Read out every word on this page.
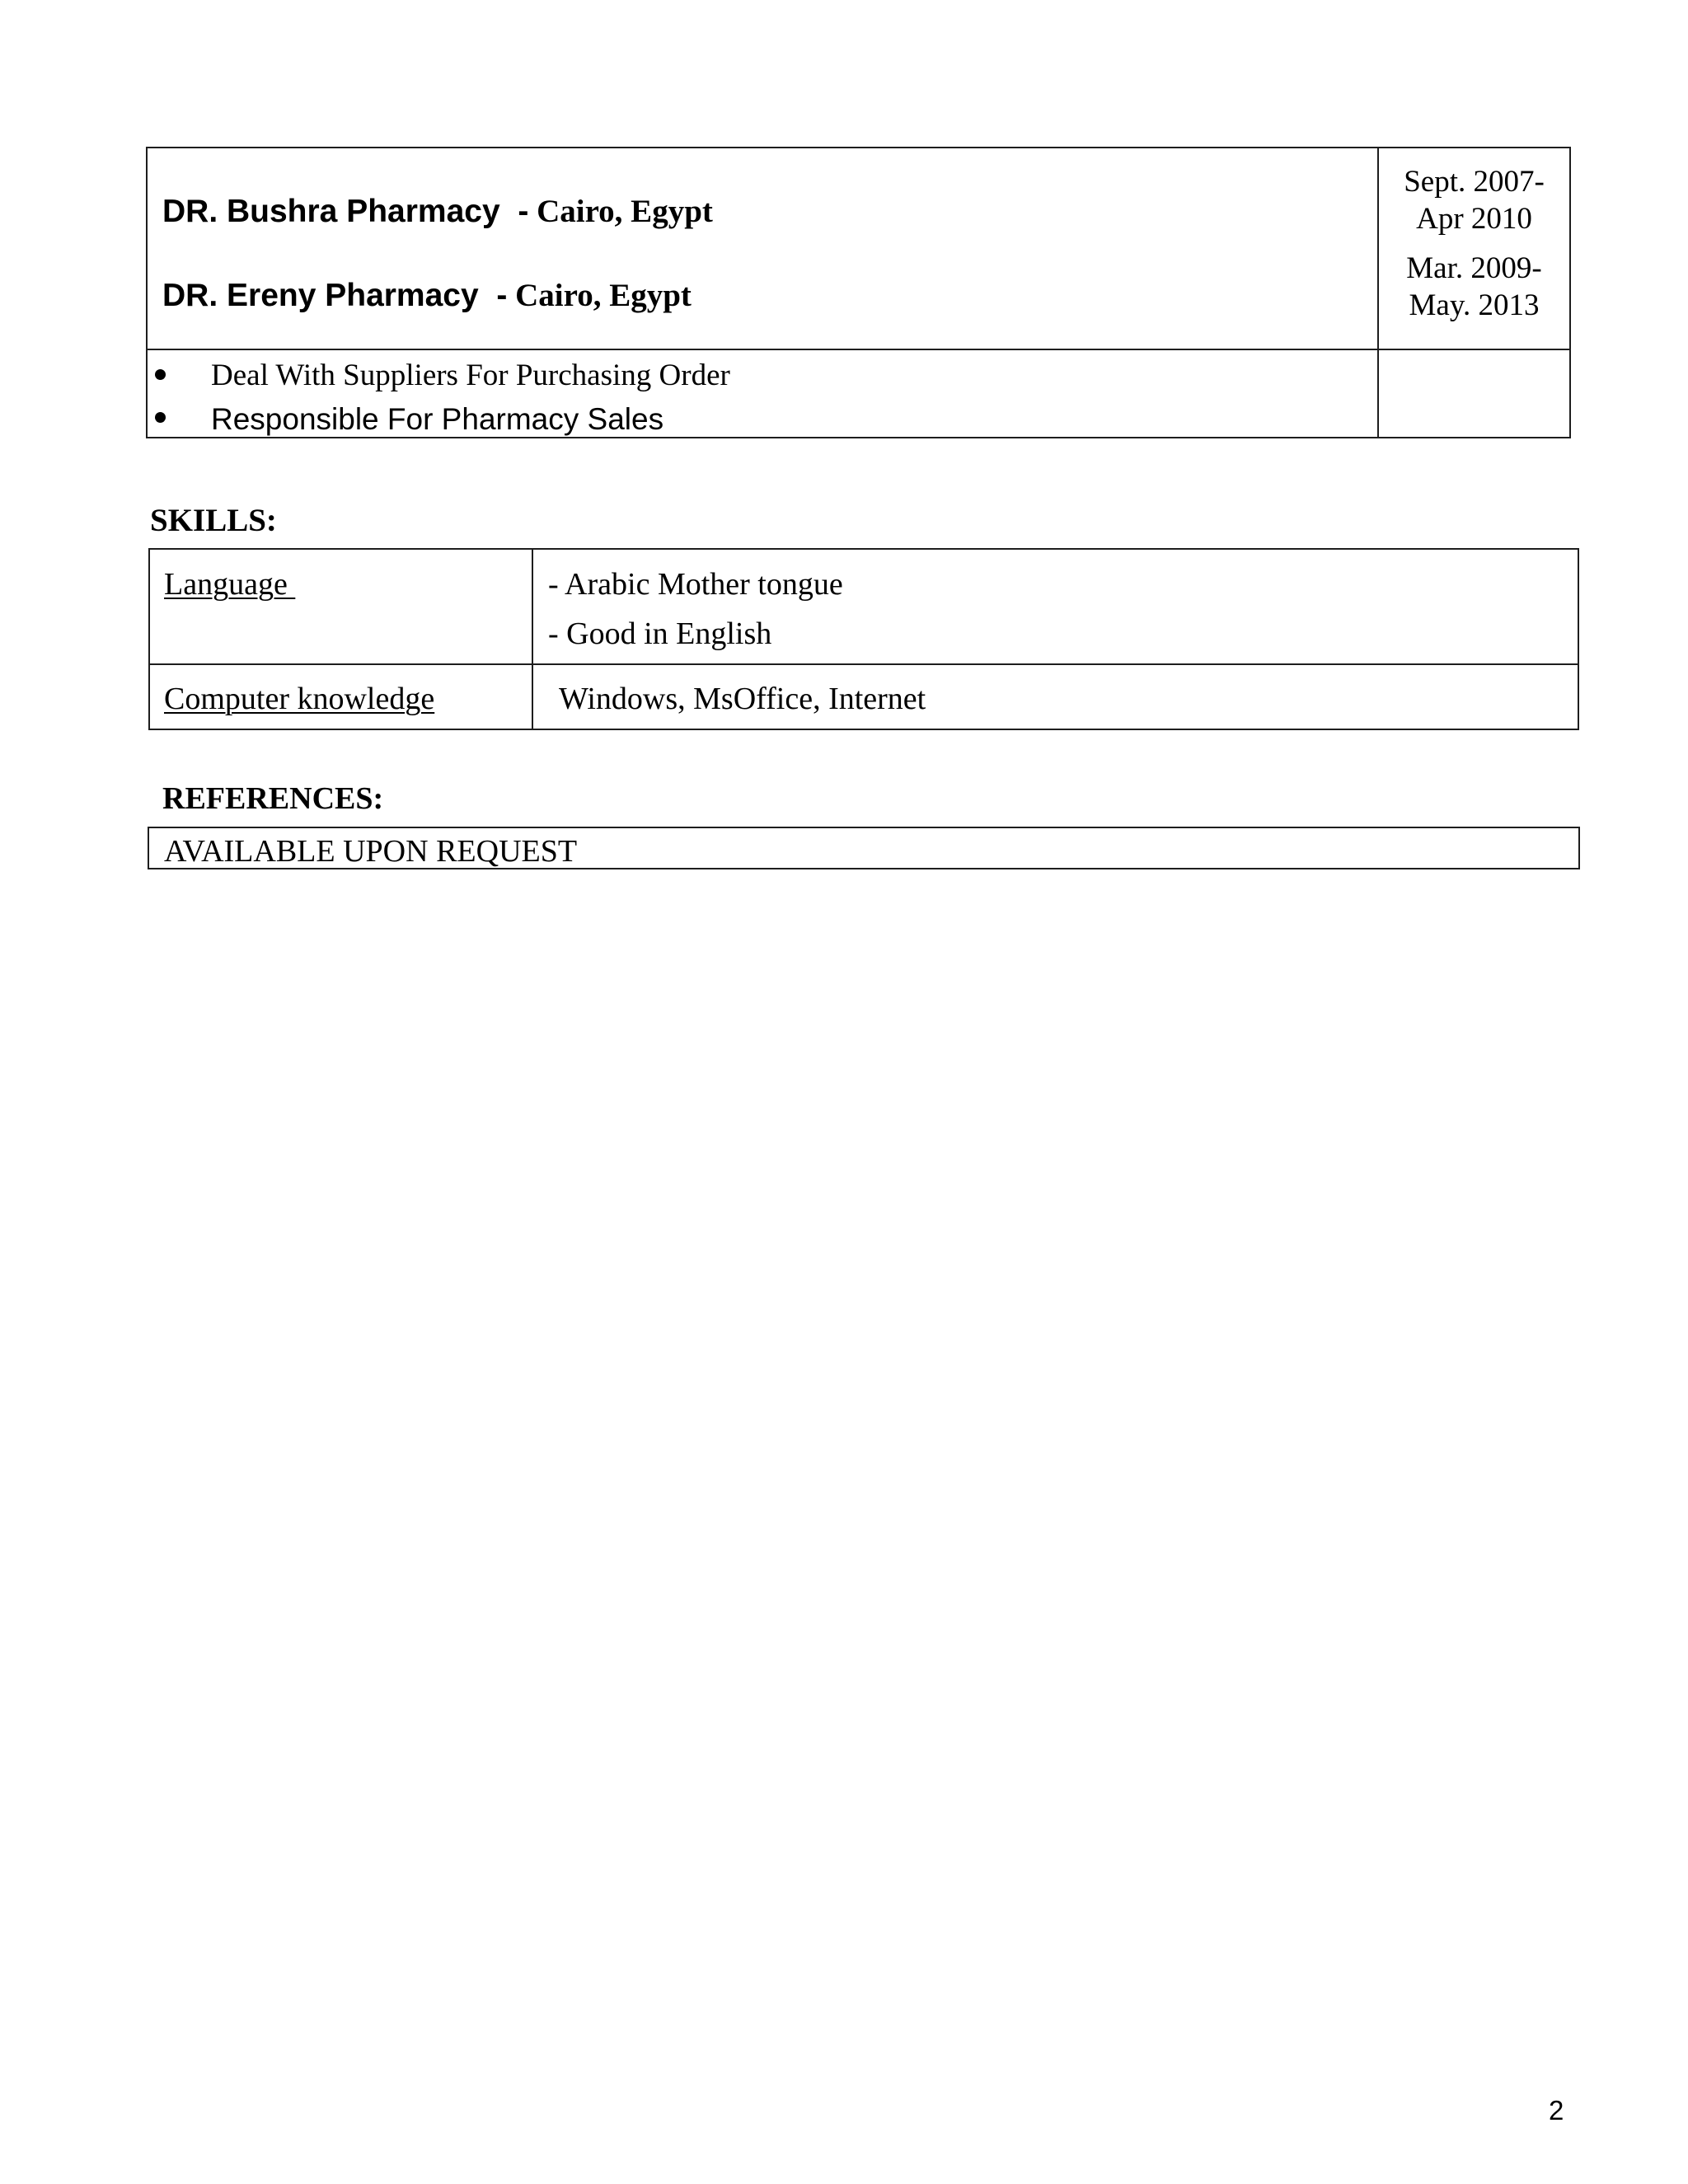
DR. Bushra Pharmacy - Cairo, Egypt
DR. Ereny Pharmacy - Cairo, Egypt
Sept. 2007-
Apr 2010
Mar. 2009-
May. 2013
Deal With Suppliers For Purchasing Order
Responsible For Pharmacy Sales
SKILLS:
Language	- Arabic Mother tongue
- Good in English
Computer knowledge	Windows, MsOffice, Internet
REFERENCES:
AVAILABLE UPON REQUEST
2
